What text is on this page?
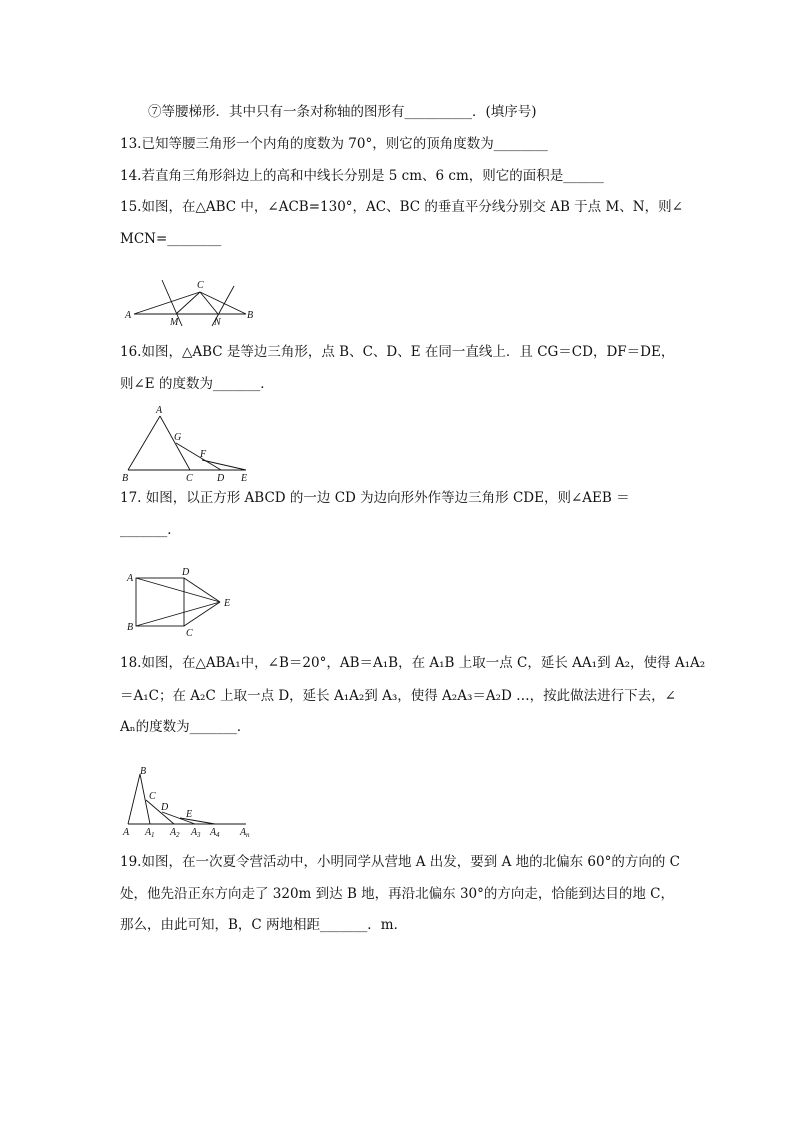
⑦等腰梯形．其中只有一条对称轴的图形有__________．(填序号)
13.已知等腰三角形一个内角的度数为 70°，则它的顶角度数为________
14.若直角三角形斜边上的高和中线长分别是 5 cm、6 cm，则它的面积是______
15.如图，在△ABC 中，∠ACB=130°，AC、BC 的垂直平分线分别交 AB 于点 M、N，则∠
MCN=________
A
C
B
M	N
16.如图，△ABC 是等边三角形，点 B、C、D、E 在同一直线上．且 CG＝CD，DF＝DE，
则∠E 的度数为_______．
A
G
F
B	C D E
17. 如图，以正方形 ABCD 的一边 CD 为边向形外作等边三角形 CDE，则∠AEB ＝
_______．
A
D
E
B
C
18.如图，在△ABA₁中，∠B＝20°，AB＝A₁B，在 A₁B 上取一点 C，延长 AA₁到 A₂，使得 A₁A₂
＝A₁C；在 A₂C 上取一点 D，延长 A₁A₂到 A₃，使得 A₂A₃＝A₂D …，按此做法进行下去，∠
Aₙ的度数为_______．
B
C
D
E
A A 1 A 2 A 3 A 4 A n
19.如图，在一次夏令营活动中，小明同学从营地 A 出发，要到 A 地的北偏东 60°的方向的 C
处，他先沿正东方向走了 320m 到达 B 地，再沿北偏东 30°的方向走，恰能到达目的地 C，
那么，由此可知，B，C 两地相距_______．m．
